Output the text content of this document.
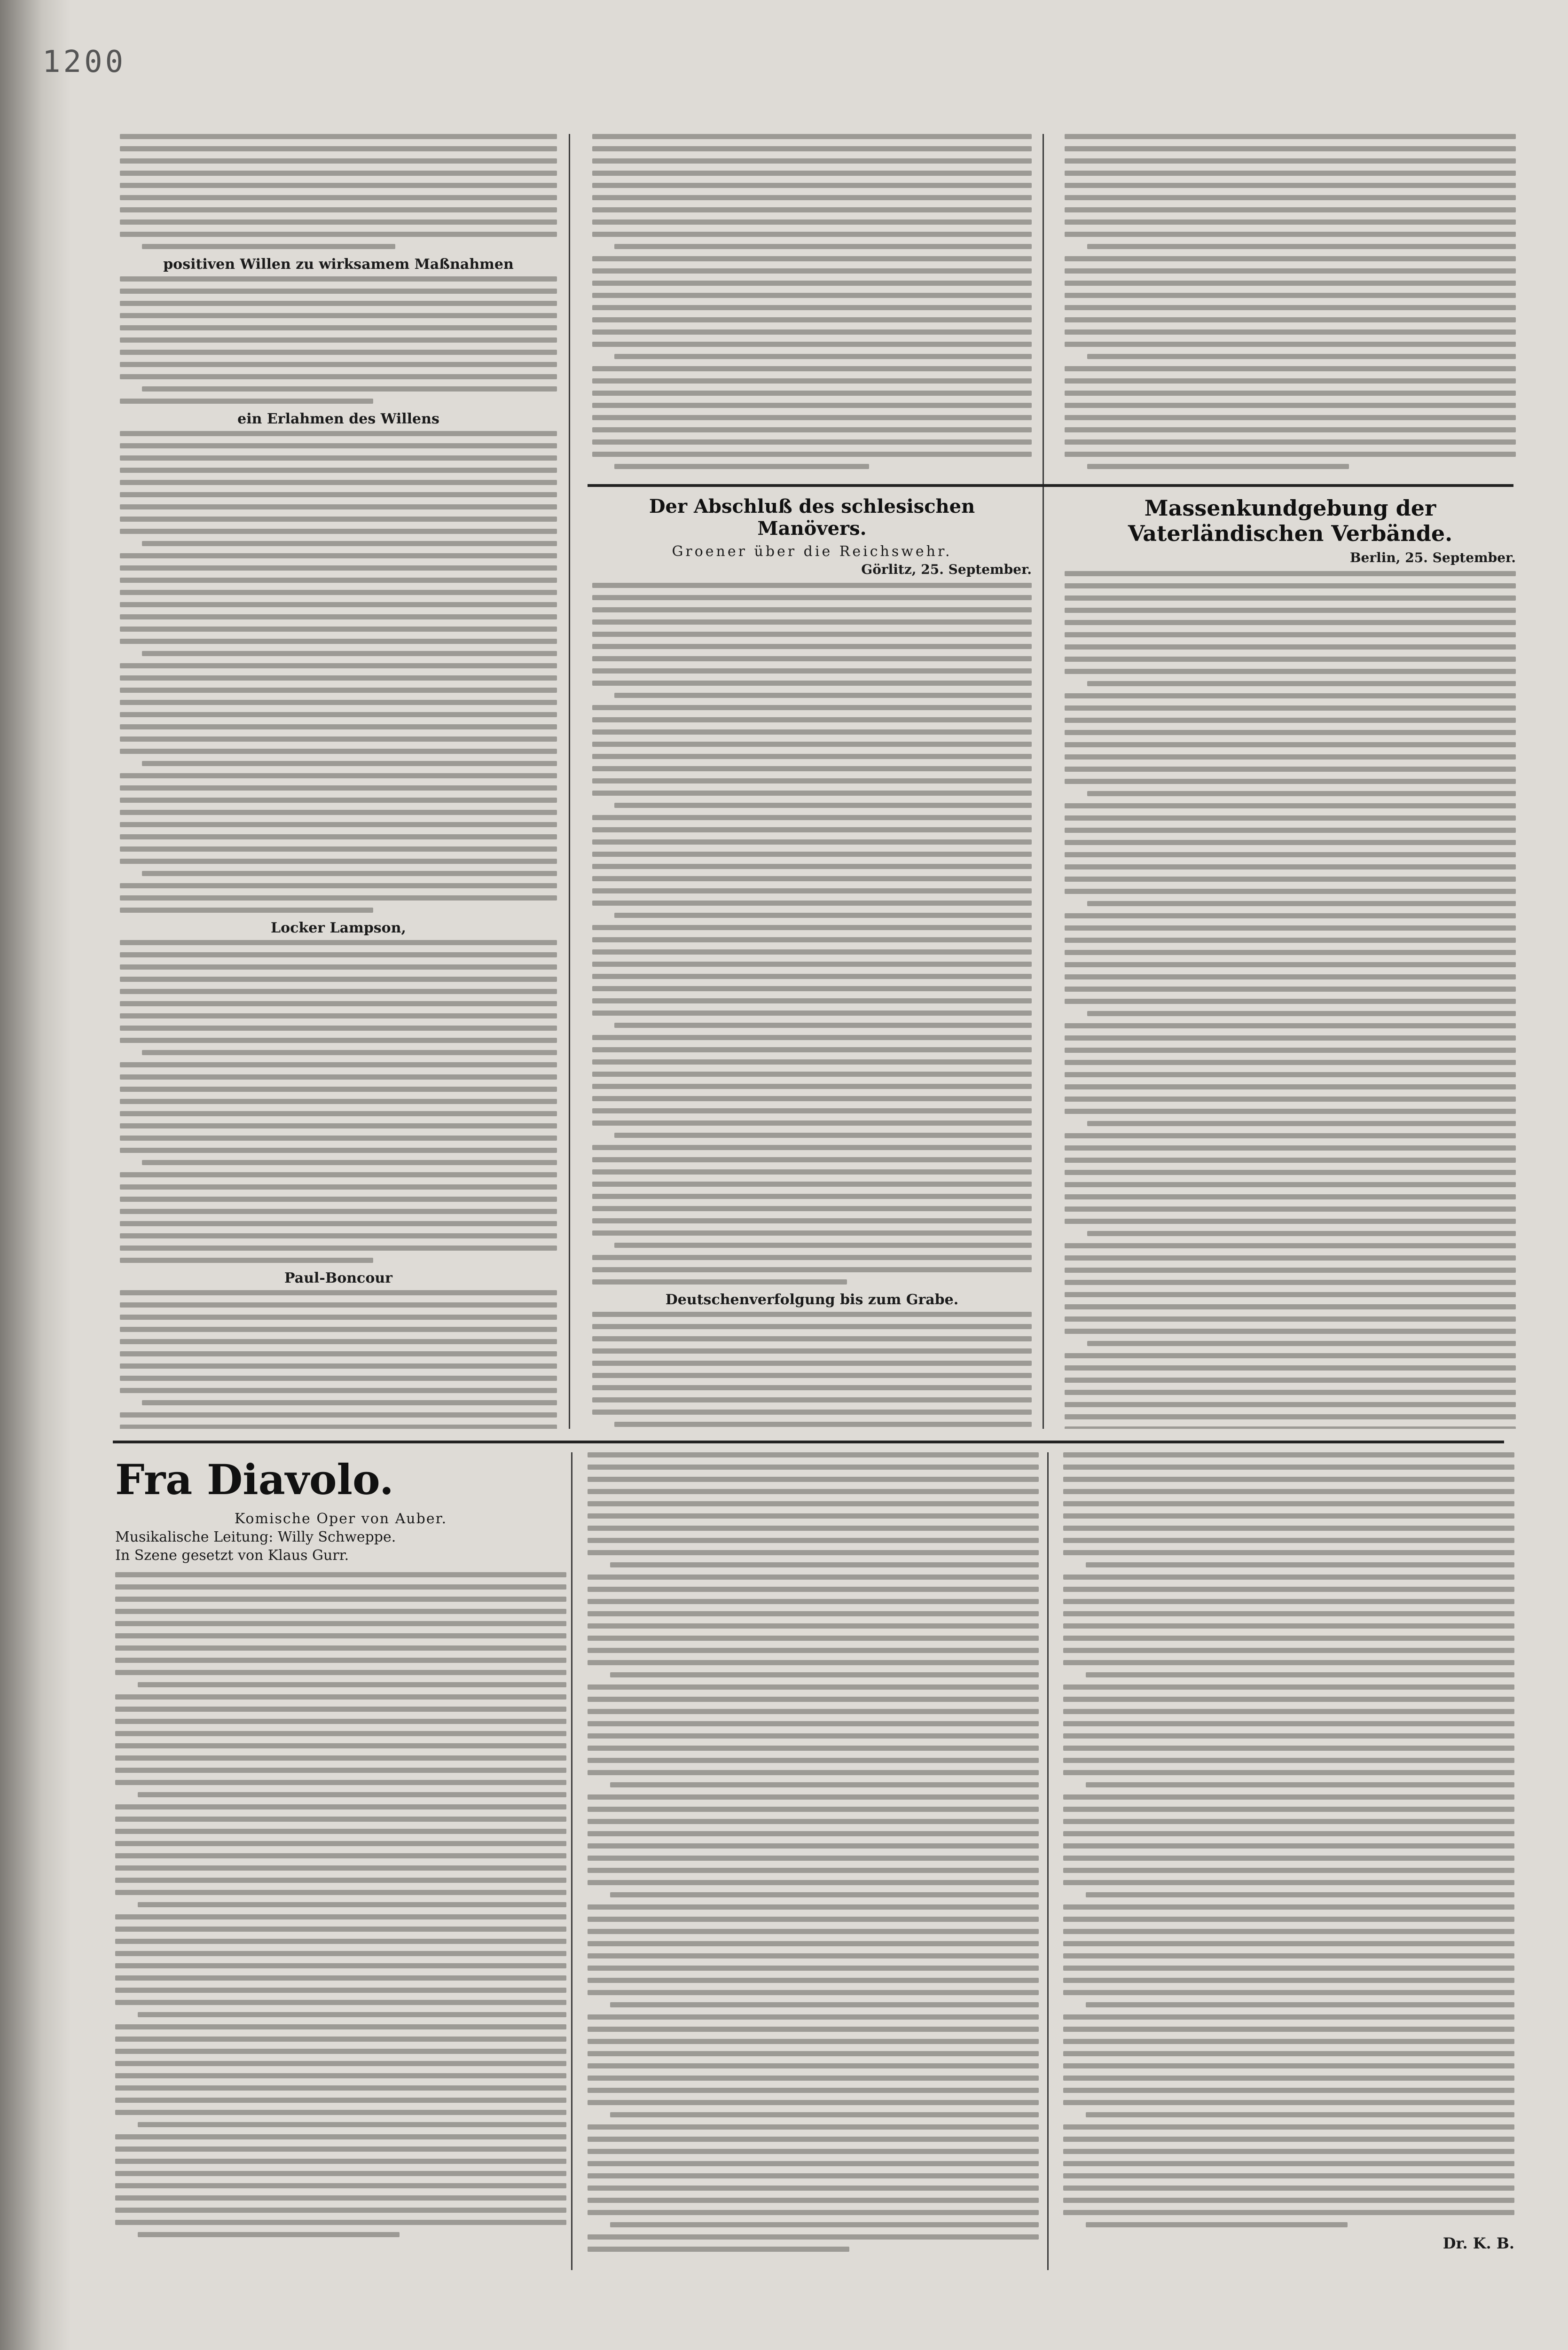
1200
positiven Willen zu wirksamem Maßnahmen
ein Erlahmen des Willens
Locker Lampson,
Paul-Boncour
Der Abschluß des schlesischen Manövers.
Groener über die Reichswehr.
Görlitz, 25. September.
Deutschenverfolgung bis zum Grabe.
Massenkundgebung der Vaterländischen Verbände.
Berlin, 25. September.
Fra Diavolo.
Komische Oper von Auber.
Musikalische Leitung: Willy Schweppe.
In Szene gesetzt von Klaus Gurr.
Dr. K. B.
